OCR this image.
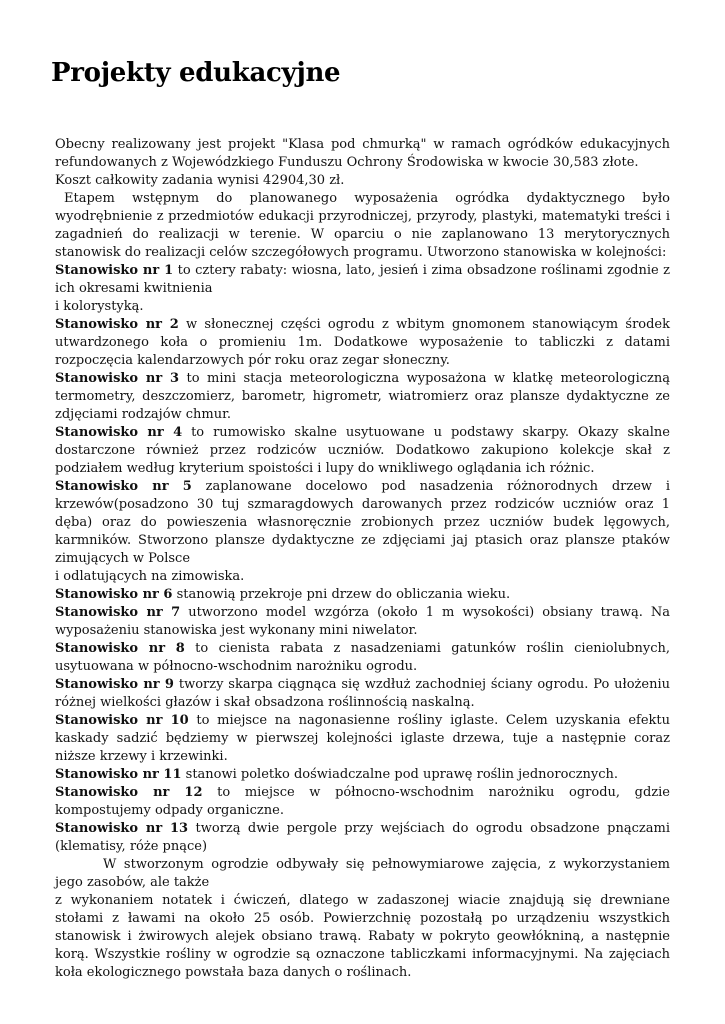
Projekty edukacyjne

Obecny realizowany jest projekt "Klasa pod chmurką" w ramach ogródków edukacyjnych refundowanych z Wojewódzkiego Funduszu Ochrony Środowiska w kwocie 30,583 złote.

Koszt całkowity zadania wynisi 42904,30 zł.

Etapem wstępnym do planowanego wyposażenia ogródka dydaktycznego było wyodrębnienie z przedmiotów edukacji przyrodniczej, przyrody, plastyki, matematyki treści i zagadnień do realizacji w terenie. W oparciu o nie zaplanowano 13 merytorycznych stanowisk do realizacji celów szczegółowych programu. Utworzono stanowiska w kolejności:

Stanowisko nr 1 to cztery rabaty: wiosna, lato, jesień i zima obsadzone roślinami zgodnie z ich okresami kwitnienia

i kolorystyką.

Stanowisko nr 2 w słonecznej części ogrodu z wbitym gnomonem stanowiącym środek utwardzonego koła o promieniu 1m. Dodatkowe wyposażenie to tabliczki z datami rozpoczęcia kalendarzowych pór roku oraz zegar słoneczny.

Stanowisko nr 3 to mini stacja meteorologiczna wyposażona w klatkę meteorologiczną termometry, deszczomierz, barometr, higrometr, wiatromierz oraz plansze dydaktyczne ze zdjęciami rodzajów chmur.

Stanowisko nr 4 to rumowisko skalne usytuowane u podstawy skarpy. Okazy skalne dostarczone również przez rodziców uczniów. Dodatkowo zakupiono kolekcje skał z podziałem według kryterium spoistości i lupy do wnikliwego oglądania ich różnic.

Stanowisko nr 5 zaplanowane docelowo pod nasadzenia różnorodnych drzew i krzewów(posadzono 30 tuj szmaragdowych darowanych przez rodziców uczniów oraz 1 dęba) oraz do powieszenia własnoręcznie zrobionych przez uczniów budek lęgowych, karmników. Stworzono plansze dydaktyczne ze zdjęciami jaj ptasich oraz plansze ptaków zimujących w Polsce

i odlatujących na zimowiska.

Stanowisko nr 6 stanowią przekroje pni drzew do obliczania wieku.

Stanowisko nr 7 utworzono model wzgórza (około 1 m wysokości) obsiany trawą. Na wyposażeniu stanowiska jest wykonany mini niwelator.

Stanowisko nr 8 to cienista rabata z nasadzeniami gatunków roślin cieniolubnych, usytuowana w północno-wschodnim narożniku ogrodu.

Stanowisko nr 9 tworzy skarpa ciągnąca się wzdłuż zachodniej ściany ogrodu. Po ułożeniu różnej wielkości głazów i skał obsadzona roślinnością naskalną.

Stanowisko nr 10 to miejsce na nagonasienne rośliny iglaste. Celem uzyskania efektu kaskady sadzić będziemy w pierwszej kolejności iglaste drzewa, tuje a następnie coraz niższe krzewy i krzewinki.

Stanowisko nr 11 stanowi poletko doświadczalne pod uprawę roślin jednorocznych.

Stanowisko nr 12 to miejsce w północno-wschodnim narożniku ogrodu, gdzie kompostujemy odpady organiczne.

Stanowisko nr 13 tworzą dwie pergole przy wejściach do ogrodu obsadzone pnączami (klematisy, róże pnące)

W stworzonym ogrodzie odbywały się pełnowymiarowe zajęcia, z wykorzystaniem jego zasobów, ale także

z wykonaniem notatek i ćwiczeń, dlatego w zadaszonej wiacie znajdują się drewniane stołami z ławami na około 25 osób. Powierzchnię pozostałą po urządzeniu wszystkich stanowisk i żwirowych alejek obsiano trawą. Rabaty w pokryto geowłókniną, a następnie korą. Wszystkie rośliny w ogrodzie są oznaczone tabliczkami informacyjnymi. Na zajęciach koła ekologicznego powstała baza danych o roślinach.
